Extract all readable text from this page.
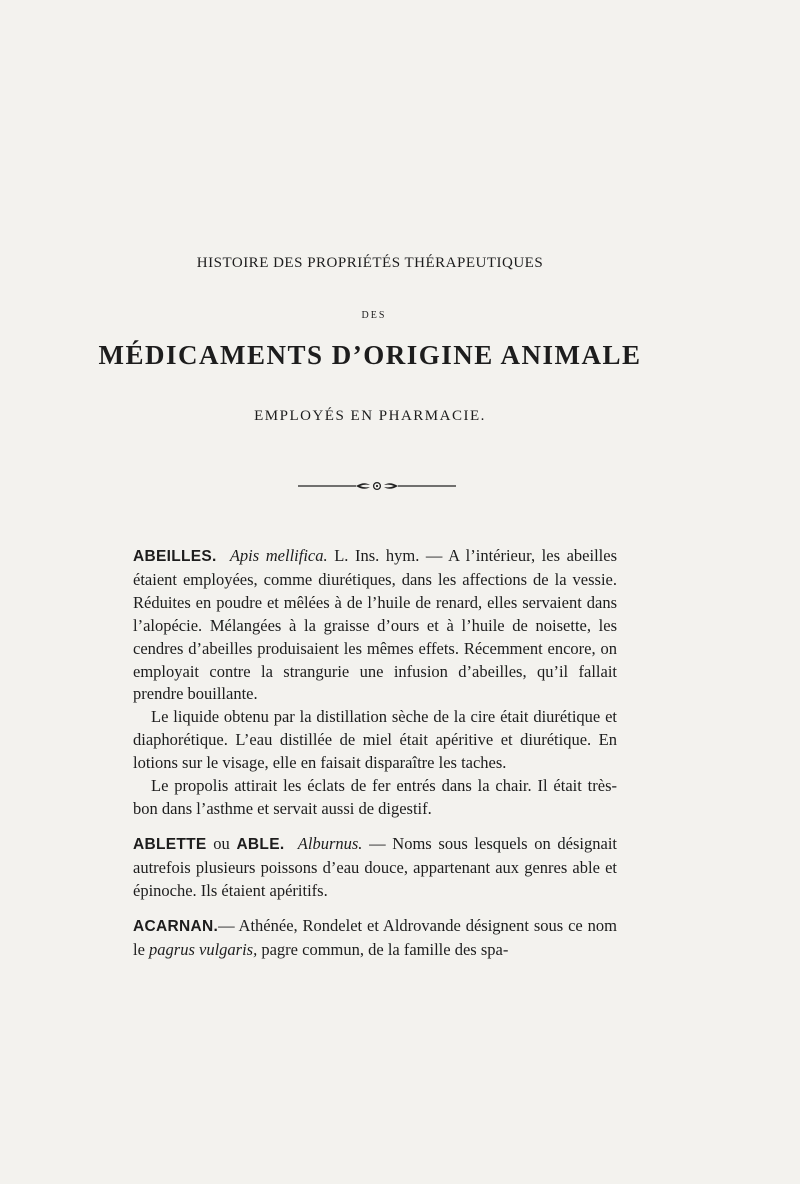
HISTOIRE DES PROPRIÉTÉS THÉRAPEUTIQUES
DES
MÉDICAMENTS D’ORIGINE ANIMALE
EMPLOYÉS EN PHARMACIE.

ABEILLES. Apis mellifica. L. Ins. hym. — A l’intérieur, les abeilles étaient employées, comme diurétiques, dans les affections de la vessie. Réduites en poudre et mêlées à de l’huile de renard, elles servaient dans l’alopécie. Mélangées à la graisse d’ours et à l’huile de noisette, les cendres d’abeilles produisaient les mêmes effets. Récemment encore, on employait contre la strangurie une infusion d’abeilles, qu’il fallait prendre bouillante.

Le liquide obtenu par la distillation sèche de la cire était diurétique et diaphorétique. L’eau distillée de miel était apéritive et diurétique. En lotions sur le visage, elle en faisait disparaître les taches.

Le propolis attirait les éclats de fer entrés dans la chair. Il était très-bon dans l’asthme et servait aussi de digestif.

ABLETTE ou ABLE. Alburnus. — Noms sous lesquels on désignait autrefois plusieurs poissons d’eau douce, appartenant aux genres able et épinoche. Ils étaient apéritifs.

ACARNAN.— Athénée, Rondelet et Aldrovande désignent sous ce nom le pagrus vulgaris, pagre commun, de la famille des spa-
